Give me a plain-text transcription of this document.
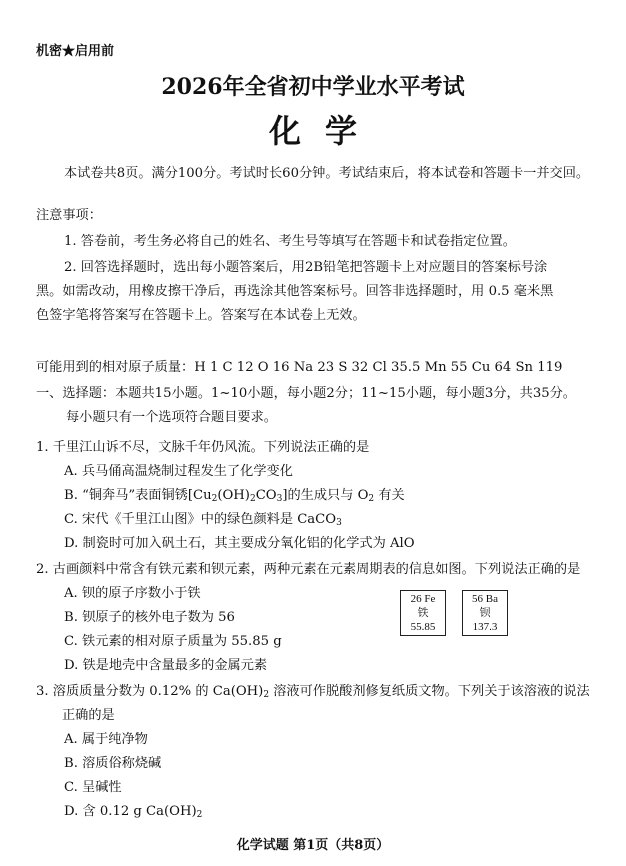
机密★启用前
2026年全省初中学业水平考试
化学
本试卷共8页。满分100分。考试时长60分钟。考试结束后，将本试卷和答题卡一并交回。
注意事项：
1. 答卷前，考生务必将自己的姓名、考生号等填写在答题卡和试卷指定位置。
2. 回答选择题时，选出每小题答案后，用2B铅笔把答题卡上对应题目的答案标号涂
黑。如需改动，用橡皮擦干净后，再选涂其他答案标号。回答非选择题时，用 0.5 毫米黑
色签字笔将答案写在答题卡上。答案写在本试卷上无效。
可能用到的相对原子质量：H 1 C 12 O 16 Na 23 S 32 Cl 35.5 Mn 55 Cu 64 Sn 119
一、选择题：本题共15小题。1~10小题，每小题2分；11~15小题，每小题3分，共35分。
每小题只有一个选项符合题目要求。
1. 千里江山诉不尽，文脉千年仍风流。下列说法正确的是
A. 兵马俑高温烧制过程发生了化学变化
B. “铜奔马”表面铜锈$[Cu_2(OH)_2CO_3]$的生成只与 $O_2$ 有关
C. 宋代《千里江山图》中的绿色颜料是 CaCO$_3$
D. 制瓷时可加入矾土石，其主要成分氧化铝的化学式为 AlO
2. 古画颜料中常含有铁元素和钡元素，两种元素在元素周期表的信息如图。下列说法正确的是
A. 钡的原子序数小于铁
B. 钡原子的核外电子数为 56
C. 铁元素的相对原子质量为 55.85 g
D. 铁是地壳中含量最多的金属元素
26 Fe
铁
55.85
56 Ba
钡
137.3
3. 溶质质量分数为 0.12% 的 $Ca(OH)_2$ 溶液可作脱酸剂修复纸质文物。下列关于该溶液的说法
正确的是
A. 属于纯净物
B. 溶质俗称烧碱
C. 呈碱性
D. 含 0.12 g $Ca(OH)_2$
化学试题 第1页（共8页）
